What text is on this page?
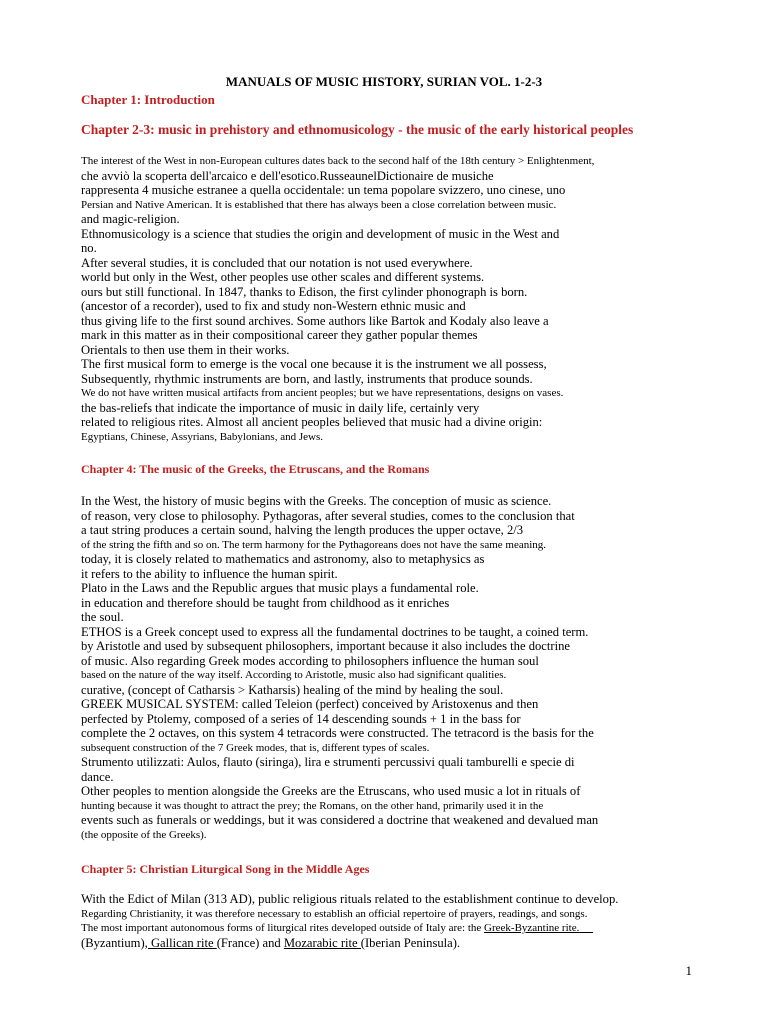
MANUALS OF MUSIC HISTORY, SURIAN VOL. 1-2-3
Chapter 1: Introduction
Chapter 2-3: music in prehistory and ethnomusicology - the music of the early historical peoples
The interest of the West in non-European cultures dates back to the second half of the 18th century > Enlightenment,
che avviò la scoperta dell'arcaico e dell'esotico.RusseaunelDictionaire de musiche
rappresenta 4 musiche estranee a quella occidentale: un tema popolare svizzero, uno cinese, uno
Persian and Native American. It is established that there has always been a close correlation between music.
and magic-religion.
Ethnomusicology is a science that studies the origin and development of music in the West and
no.
After several studies, it is concluded that our notation is not used everywhere.
world but only in the West, other peoples use other scales and different systems.
ours but still functional. In 1847, thanks to Edison, the first cylinder phonograph is born.
(ancestor of a recorder), used to fix and study non-Western ethnic music and
thus giving life to the first sound archives. Some authors like Bartok and Kodaly also leave a
mark in this matter as in their compositional career they gather popular themes
Orientals to then use them in their works.
The first musical form to emerge is the vocal one because it is the instrument we all possess,
Subsequently, rhythmic instruments are born, and lastly, instruments that produce sounds.
We do not have written musical artifacts from ancient peoples; but we have representations, designs on vases.
the bas-reliefs that indicate the importance of music in daily life, certainly very
related to religious rites. Almost all ancient peoples believed that music had a divine origin:
Egyptians, Chinese, Assyrians, Babylonians, and Jews.
Chapter 4: The music of the Greeks, the Etruscans, and the Romans
In the West, the history of music begins with the Greeks. The conception of music as science.
of reason, very close to philosophy. Pythagoras, after several studies, comes to the conclusion that
a taut string produces a certain sound, halving the length produces the upper octave, 2/3
of the string the fifth and so on. The term harmony for the Pythagoreans does not have the same meaning.
today, it is closely related to mathematics and astronomy, also to metaphysics as
it refers to the ability to influence the human spirit.
Plato in the Laws and the Republic argues that music plays a fundamental role.
in education and therefore should be taught from childhood as it enriches
the soul.
ETHOS is a Greek concept used to express all the fundamental doctrines to be taught, a coined term.
by Aristotle and used by subsequent philosophers, important because it also includes the doctrine
of music. Also regarding Greek modes according to philosophers influence the human soul
based on the nature of the way itself. According to Aristotle, music also had significant qualities.
curative, (concept of Catharsis > Katharsis) healing of the mind by healing the soul.
GREEK MUSICAL SYSTEM: called Teleion (perfect) conceived by Aristoxenus and then
perfected by Ptolemy, composed of a series of 14 descending sounds + 1 in the bass for
complete the 2 octaves, on this system 4 tetracords were constructed. The tetracord is the basis for the
subsequent construction of the 7 Greek modes, that is, different types of scales.
Strumento utilizzati: Aulos, flauto (siringa), lira e strumenti percussivi quali tamburelli e specie di
dance.
Other peoples to mention alongside the Greeks are the Etruscans, who used music a lot in rituals of
hunting because it was thought to attract the prey; the Romans, on the other hand, primarily used it in the
events such as funerals or weddings, but it was considered a doctrine that weakened and devalued man
(the opposite of the Greeks).
Chapter 5: Christian Liturgical Song in the Middle Ages
With the Edict of Milan (313 AD), public religious rituals related to the establishment continue to develop.
Regarding Christianity, it was therefore necessary to establish an official repertoire of prayers, readings, and songs.
The most important autonomous forms of liturgical rites developed outside of Italy are: the Greek-Byzantine rite.
(Byzantium), Gallican rite (France) and Mozarabic rite (Iberian Peninsula).
1
